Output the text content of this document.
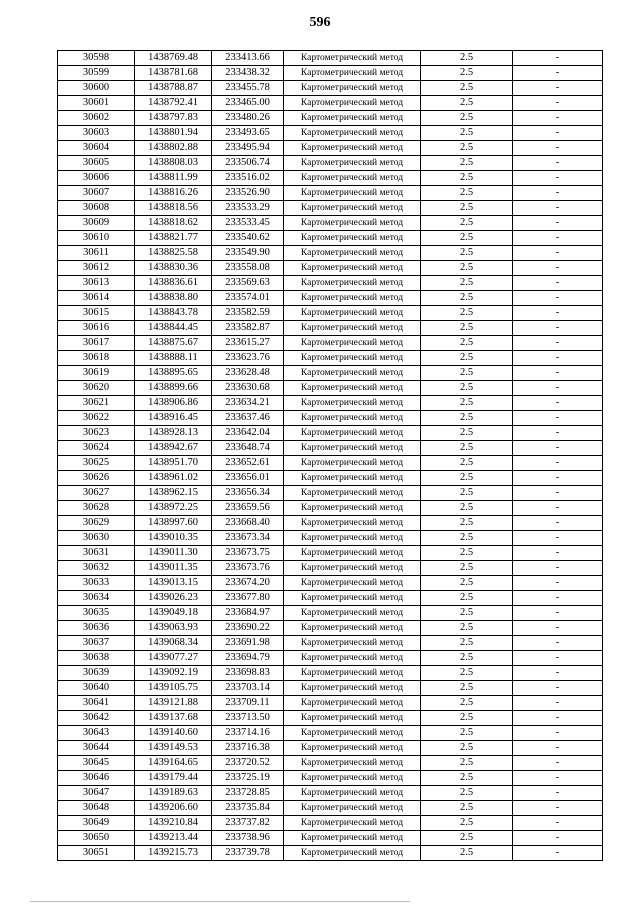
596
30598	1438769.48	233413.66	Картометрический метод	2.5	-
30599	1438781.68	233438.32	Картометрический метод	2.5	-
30600	1438788.87	233455.78	Картометрический метод	2.5	-
30601	1438792.41	233465.00	Картометрический метод	2.5	-
30602	1438797.83	233480.26	Картометрический метод	2.5	-
30603	1438801.94	233493.65	Картометрический метод	2.5	-
30604	1438802.88	233495.94	Картометрический метод	2.5	-
30605	1438808.03	233506.74	Картометрический метод	2.5	-
30606	1438811.99	233516.02	Картометрический метод	2.5	-
30607	1438816.26	233526.90	Картометрический метод	2.5	-
30608	1438818.56	233533.29	Картометрический метод	2.5	-
30609	1438818.62	233533.45	Картометрический метод	2.5	-
30610	1438821.77	233540.62	Картометрический метод	2.5	-
30611	1438825.58	233549.90	Картометрический метод	2.5	-
30612	1438830.36	233558.08	Картометрический метод	2.5	-
30613	1438836.61	233569.63	Картометрический метод	2.5	-
30614	1438838.80	233574.01	Картометрический метод	2.5	-
30615	1438843.78	233582.59	Картометрический метод	2.5	-
30616	1438844.45	233582.87	Картометрический метод	2.5	-
30617	1438875.67	233615.27	Картометрический метод	2.5	-
30618	1438888.11	233623.76	Картометрический метод	2.5	-
30619	1438895.65	233628.48	Картометрический метод	2.5	-
30620	1438899.66	233630.68	Картометрический метод	2.5	-
30621	1438906.86	233634.21	Картометрический метод	2.5	-
30622	1438916.45	233637.46	Картометрический метод	2.5	-
30623	1438928.13	233642.04	Картометрический метод	2.5	-
30624	1438942.67	233648.74	Картометрический метод	2.5	-
30625	1438951.70	233652.61	Картометрический метод	2.5	-
30626	1438961.02	233656.01	Картометрический метод	2.5	-
30627	1438962.15	233656.34	Картометрический метод	2.5	-
30628	1438972.25	233659.56	Картометрический метод	2.5	-
30629	1438997.60	233668.40	Картометрический метод	2.5	-
30630	1439010.35	233673.34	Картометрический метод	2.5	-
30631	1439011.30	233673.75	Картометрический метод	2.5	-
30632	1439011.35	233673.76	Картометрический метод	2.5	-
30633	1439013.15	233674.20	Картометрический метод	2.5	-
30634	1439026.23	233677.80	Картометрический метод	2.5	-
30635	1439049.18	233684.97	Картометрический метод	2.5	-
30636	1439063.93	233690.22	Картометрический метод	2.5	-
30637	1439068.34	233691.98	Картометрический метод	2.5	-
30638	1439077.27	233694.79	Картометрический метод	2.5	-
30639	1439092.19	233698.83	Картометрический метод	2.5	-
30640	1439105.75	233703.14	Картометрический метод	2.5	-
30641	1439121.88	233709.11	Картометрический метод	2.5	-
30642	1439137.68	233713.50	Картометрический метод	2.5	-
30643	1439140.60	233714.16	Картометрический метод	2.5	-
30644	1439149.53	233716.38	Картометрический метод	2.5	-
30645	1439164.65	233720.52	Картометрический метод	2.5	-
30646	1439179.44	233725.19	Картометрический метод	2.5	-
30647	1439189.63	233728.85	Картометрический метод	2.5	-
30648	1439206.60	233735.84	Картометрический метод	2.5	-
30649	1439210.84	233737.82	Картометрический метод	2.5	-
30650	1439213.44	233738.96	Картометрический метод	2.5	-
30651	1439215.73	233739.78	Картометрический метод	2.5	-
